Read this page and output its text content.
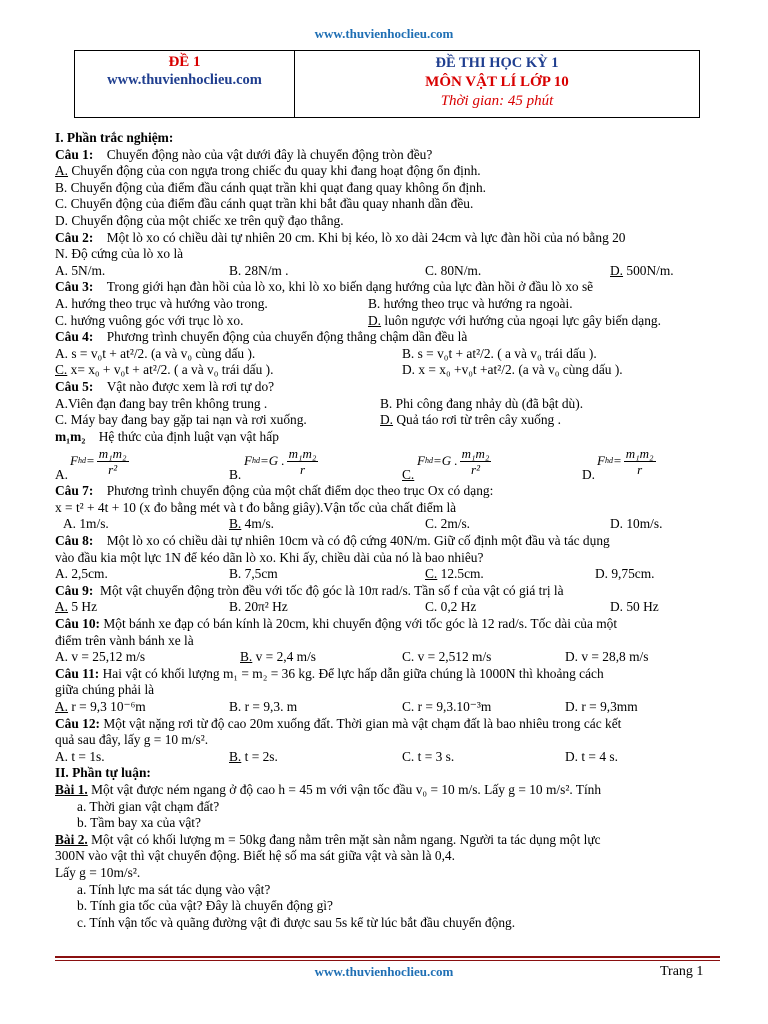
www.thuvienhoclieu.com
ĐỀ 1
www.thuvienhoclieu.com
ĐỀ THI HỌC KỲ 1
MÔN VẬT LÍ LỚP 10
Thời gian: 45 phút
I. Phần trắc nghiệm:
Câu 1: Chuyển động nào của vật dưới đây là chuyển động tròn đều?
A. Chuyển động của con ngựa trong chiếc đu quay khi đang hoạt động ổn định.
B. Chuyển động của điểm đầu cánh quạt trần khi quạt đang quay không ổn định.
C. Chuyển động của điểm đầu cánh quạt trần khi bắt đầu quay nhanh dần đều.
D. Chuyển động của một chiếc xe trên quỹ đạo thẳng.
Câu 2: Một lò xo có chiều dài tự nhiên 20 cm. Khi bị kéo, lò xo dài 24cm và lực đàn hồi của nó bằng 20
N. Độ cứng của lò xo là
A. 5N/m.	B. 28N/m .	C. 80N/m.	D. 500N/m.
Câu 3: Trong giới hạn đàn hồi của lò xo, khi lò xo biến dạng hướng của lực đàn hồi ở đầu lò xo sẽ
A. hướng theo trục và hướng vào trong.	B. hướng theo trục và hướng ra ngoài.
C. hướng vuông góc với trục lò xo.	D. luôn ngược với hướng của ngoại lực gây biến dạng.
Câu 4: Phương trình chuyển động của chuyển động thẳng chậm dần đều là
A. s = v₀t + at²/2. (a và v₀ cùng dấu ).	B. s = v₀t + at²/2. ( a và v₀ trái dấu ).
C. x= x₀ + v₀t + at²/2. ( a và v₀ trái dấu ).	D. x = x₀ +v₀t +at²/2. (a và v₀ cùng dấu ).
Câu 5: Vật nào được xem là rơi tự do?
A.Viên đạn đang bay trên không trung .	B. Phi công đang nhảy dù (đã bật dù).
C. Máy bay đang bay gặp tai nạn và rơi xuống.	D. Quả táo rơi từ trên cây xuống .
m₁m₂ Hệ thức của định luật vạn vật hấp
A.
F hd = $\frac{\text{m₁m₂}}{\text{r²}}$	B.
F hd = G . $\frac{\text{m₁m₂}}{r}$	C.
F hd = G . $\frac{\text{m₁m₂}}{\text{r²}}$	D.
F hd = $\frac{\text{m₁m₂}}{r}$
Câu 7: Phương trình chuyển động của một chất điểm dọc theo trục Ox có dạng:
x = t² + 4t + 10 (x đo bằng mét và t đo bằng giây).Vận tốc của chất điểm là
A. 1m/s.	B. 4m/s.	C. 2m/s.	D. 10m/s.
Câu 8: Một lò xo có chiều dài tự nhiên 10cm và có độ cứng 40N/m. Giữ cố định một đầu và tác dụng
vào đầu kia một lực 1N để kéo dãn lò xo. Khi ấy, chiều dài của nó là bao nhiêu?
A. 2,5cm.	B. 7,5cm	C. 12.5cm.	D. 9,75cm.
Câu 9: Một vật chuyển động tròn đều với tốc độ góc là 10π rad/s. Tần số f của vật có giá trị là
A. 5 Hz	B. 20π² Hz	C. 0,2 Hz	D. 50 Hz
Câu 10: Một bánh xe đạp có bán kính là 20cm, khi chuyển động với tốc góc là 12 rad/s. Tốc dài của một
điểm trên vành bánh xe là
A. v = 25,12 m/s	B. v = 2,4 m/s	C. v = 2,512 m/s	D. v = 28,8 m/s
Câu 11: Hai vật có khối lượng m₁ = m₂ = 36 kg. Để lực hấp dẫn giữa chúng là 1000N thì khoảng cách
giữa chúng phải là
A. r = 9,3 10⁻⁶m	B. r = 9,3. m	C. r = 9,3.10⁻³m	D. r = 9,3mm
Câu 12: Một vật nặng rơi từ độ cao 20m xuống đất. Thời gian mà vật chạm đất là bao nhiêu trong các kết
quả sau đây, lấy g = 10 m/s².
A. t = 1s.	B. t = 2s.	C. t = 3 s.	D. t = 4 s.
II. Phần tự luận:
Bài 1. Một vật được ném ngang ở độ cao h = 45 m với vận tốc đầu v₀ = 10 m/s. Lấy g = 10 m/s². Tính
a. Thời gian vật chạm đất?
b. Tầm bay xa của vật?
Bài 2. Một vật có khối lượng m = 50kg đang nằm trên mặt sàn nằm ngang. Người ta tác dụng một lực
300N vào vật thì vật chuyển động. Biết hệ số ma sát giữa vật và sàn là 0,4.
Lấy g = 10m/s².
a. Tính lực ma sát tác dụng vào vật?
b. Tính gia tốc của vật? Đây là chuyển động gì?
c. Tính vận tốc và quãng đường vật đi được sau 5s kể từ lúc bắt đầu chuyển động.
www.thuvienhoclieu.com	Trang 1
